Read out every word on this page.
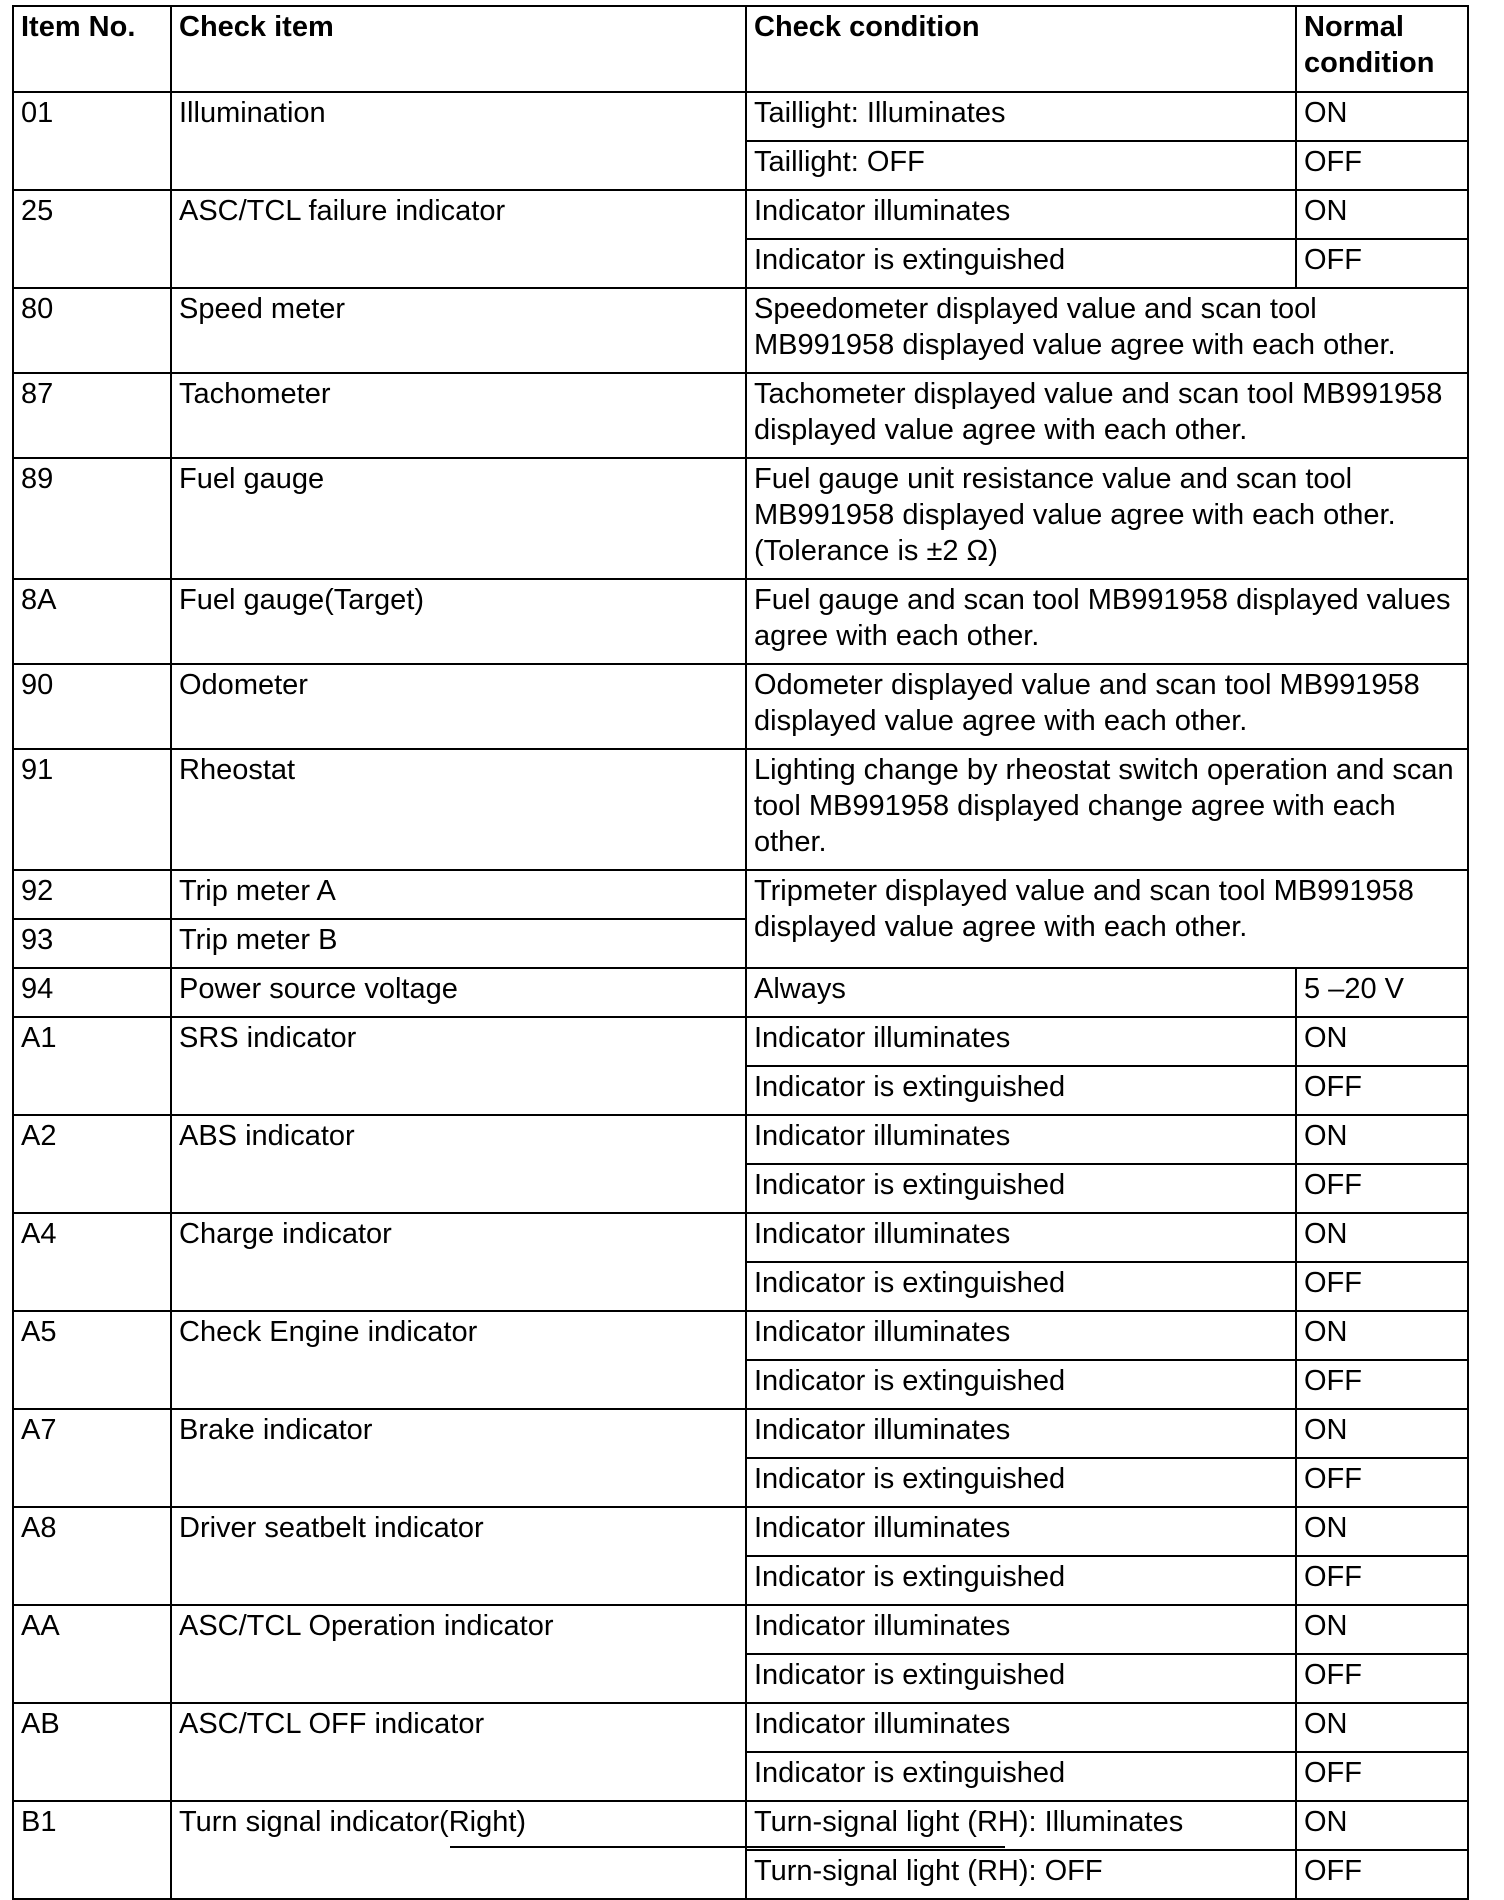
Item No.	Check item	Check condition	Normal condition
01	Illumination	Taillight: Illuminates	ON
		Taillight: OFF	OFF
25	ASC/TCL failure indicator	Indicator illuminates	ON
		Indicator is extinguished	OFF
80	Speed meter	Speedometer displayed value and scan tool MB991958 displayed value agree with each other.	
87	Tachometer	Tachometer displayed value and scan tool MB991958 displayed value agree with each other.	
89	Fuel gauge	Fuel gauge unit resistance value and scan tool MB991958 displayed value agree with each other. (Tolerance is ±2 Ω)	
8A	Fuel gauge(Target)	Fuel gauge and scan tool MB991958 displayed values agree with each other.	
90	Odometer	Odometer displayed value and scan tool MB991958 displayed value agree with each other.	
91	Rheostat	Lighting change by rheostat switch operation and scan tool MB991958 displayed change agree with each other.	
92	Trip meter A	Tripmeter displayed value and scan tool MB991958 displayed value agree with each other.	
93	Trip meter B		
94	Power source voltage	Always	5 –20 V
A1	SRS indicator	Indicator illuminates	ON
		Indicator is extinguished	OFF
A2	ABS indicator	Indicator illuminates	ON
		Indicator is extinguished	OFF
A4	Charge indicator	Indicator illuminates	ON
		Indicator is extinguished	OFF
A5	Check Engine indicator	Indicator illuminates	ON
		Indicator is extinguished	OFF
A7	Brake indicator	Indicator illuminates	ON
		Indicator is extinguished	OFF
A8	Driver seatbelt indicator	Indicator illuminates	ON
		Indicator is extinguished	OFF
AA	ASC/TCL Operation indicator	Indicator illuminates	ON
		Indicator is extinguished	OFF
AB	ASC/TCL OFF indicator	Indicator illuminates	ON
		Indicator is extinguished	OFF
B1	Turn signal indicator(Right)	Turn-signal light (RH): Illuminates	ON
		Turn-signal light (RH): OFF	OFF
